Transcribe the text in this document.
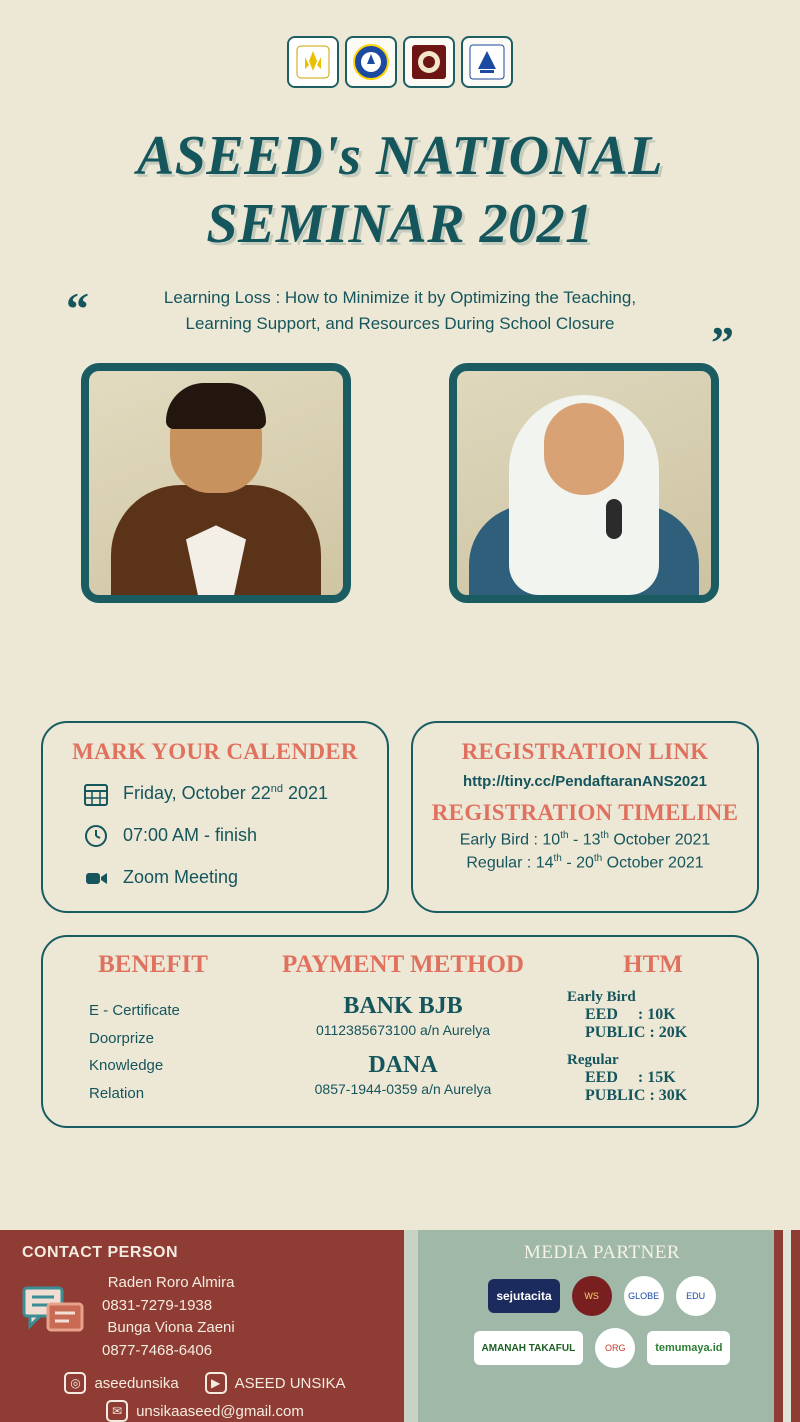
ASEED's NATIONAL
SEMINAR 2021
“
”
Learning Loss : How to Minimize it by Optimizing the Teaching,
Learning Support, and Resources During School Closure
Dwi A Yuliantoro, Ph.D
Director General, School Development Directorate of
Pradita Dirgantara
Sherly Annavita Rahmi
S.sos., M.SIPh.
Millennial Influencer and Motivator
MARK YOUR CALENDER
Friday, October 22nd 2021
07:00 AM - finish
Zoom Meeting
REGISTRATION LINK
http://tiny.cc/PendaftaranANS2021
REGISTRATION TIMELINE
Early Bird : 10th - 13th October 2021
Regular : 14th - 20th October 2021
BENEFIT
E - Certificate
Doorprize
Knowledge
Relation
PAYMENT METHOD
BANK BJB
0112385673100 a/n Aurelya
DANA
0857-1944-0359 a/n Aurelya
HTM
Early Bird
EED : 10K
PUBLIC : 20K
Regular
EED : 15K
PUBLIC : 30K
CONTACT PERSON
Raden Roro Almira
0831-7279-1938
Bunga Viona Zaeni
0877-7468-6406
◎ aseedunsika	▶ ASEED UNSIKA
✉ unsikaaseed@gmail.com
MEDIA PARTNER
sejutacita	WS	GLOBE	EDU
AMANAH TAKAFUL	ORG	temumaya.id
